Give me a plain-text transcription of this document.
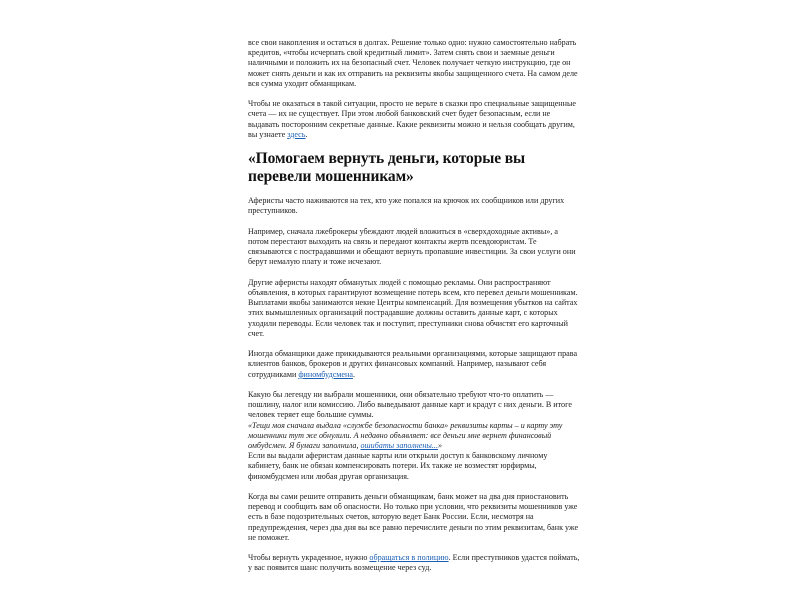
все свои накопления и остаться в долгах. Решение только одно: нужно самостоятельно набрать кредитов, «чтобы исчерпать свой кредитный лимит». Затем снять свои и заемные деньги наличными и положить их на безопасный счет. Человек получает четкую инструкцию, где он может снять деньги и как их отправить на реквизиты якобы защищенного счета. На самом деле вся сумма уходит обманщикам.

Чтобы не оказаться в такой ситуации, просто не верьте в сказки про специальные защищенные счета — их не существует. При этом любой банковский счет будет безопасным, если не выдавать посторонним секретные данные. Какие реквизиты можно и нельзя сообщать другим, вы узнаете здесь.

«Помогаем вернуть деньги, которые вы перевели мошенникам»

Аферисты часто наживаются на тех, кто уже попался на крючок их сообщников или других преступников.

Например, сначала лжеброкеры убеждают людей вложиться в «сверхдоходные активы», а потом перестают выходить на связь и передают контакты жертв псевдоюристам. Те связываются с пострадавшими и обещают вернуть пропавшие инвестиции. За свои услуги они берут немалую плату и тоже исчезают.

Другие аферисты находят обманутых людей с помощью рекламы. Они распространяют объявления, в которых гарантируют возмещение потерь всем, кто перевел деньги мошенникам. Выплатами якобы занимаются некие Центры компенсаций. Для возмещения убытков на сайтах этих вымышленных организаций пострадавшие должны оставить данные карт, с которых уходили переводы. Если человек так и поступит, преступники снова обчистят его карточный счет.

Иногда обманщики даже прикидываются реальными организациями, которые защищают права клиентов банков, брокеров и других финансовых компаний. Например, называют себя сотрудниками финомбудсмена.

Какую бы легенду ни выбрали мошенники, они обязательно требуют что-то оплатить — пошлину, налог или комиссию. Либо выведывают данные карт и крадут с них деньги. В итоге человек теряет еще большие суммы.
«Тещи моя сначала выдала «службе безопасности банка» реквизиты карты – и карту эту мошенники тут же обнулили. А недавно объявляет: все деньги мне вернет финансовый омбудсмен. Я бумаги заполнила, ошибаты заполнены...»
Если вы выдали аферистам данные карты или открыли доступ к банковскому личному кабинету, банк не обязан компенсировать потери. Их также не возместят юрфирмы, финомбудсмен или любая другая организация.

Когда вы сами решите отправить деньги обманщикам, банк может на два дня приостановить перевод и сообщить вам об опасности. Но только при условии, что реквизиты мошенников уже есть в базе подозрительных счетов, которую ведет Банк России. Если, несмотря на предупреждения, через два дня вы все равно перечислите деньги по этим реквизитам, банк уже не поможет.

Чтобы вернуть украденное, нужно обращаться в полицию. Если преступников удастся поймать, у вас появится шанс получить возмещение через суд.
